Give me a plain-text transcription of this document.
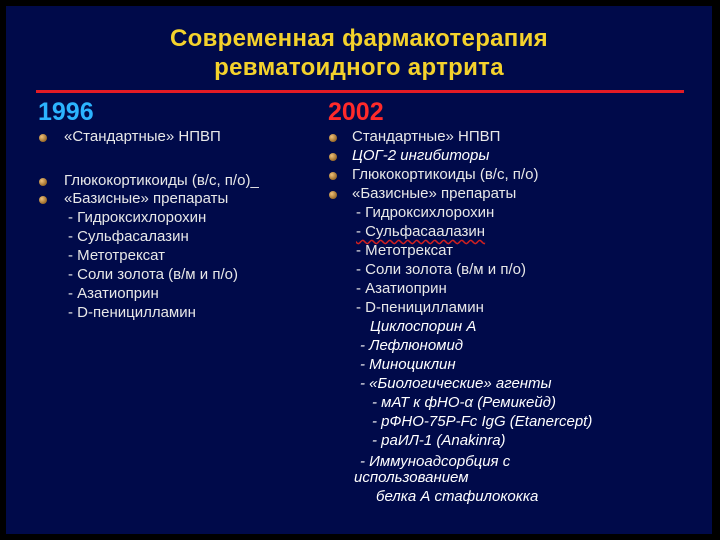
Современная фармакотерапия
ревматоидного артрита
1996	2002
«Стандартные» НПВП
Глюкокортикоиды (в/с, п/о)_
«Базисные» препараты
- Гидроксихлорохин
- Сульфасалазин
- Метотрексат
- Соли золота (в/м и п/о)
- Азатиоприн
- D-пеницилламин
Стандартные» НПВП
ЦОГ-2 ингибиторы
Глюкокортикоиды (в/с, п/о)
«Базисные» препараты
- Гидроксихлорохин
- Сульфасаалазин
- Метотрексат
- Соли золота (в/м и п/о)
- Азатиоприн
- D-пеницилламин
Циклоспорин А
- Лефлюномид
- Миноциклин
- «Биологические» агенты
- мАТ к фНО-α (Ремикейд)
- рФНО-75Р-Fc IgG (Etanercept)
- раИЛ-1 (Anakinra)
- Иммуноадсорбция с
использованием
белка А стафилококка
